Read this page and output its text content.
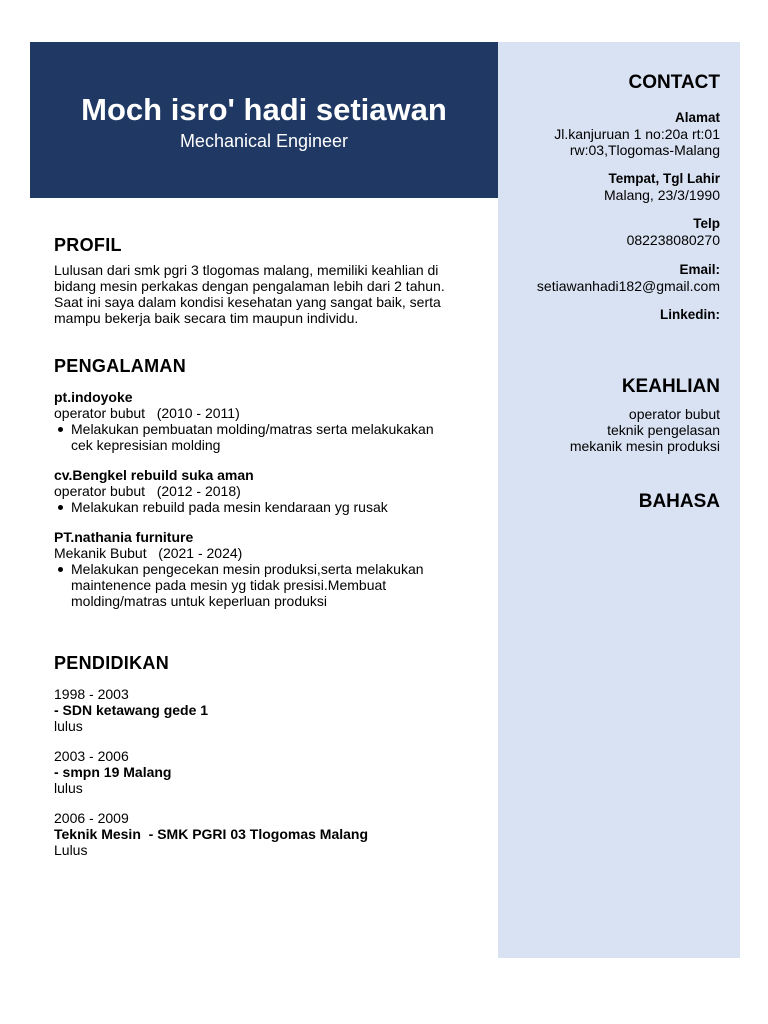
Moch isro' hadi setiawan
Mechanical Engineer
CONTACT
Alamat
Jl.kanjuruan 1 no:20a rt:01
rw:03,Tlogomas-Malang
Tempat, Tgl Lahir
Malang, 23/3/1990
Telp
082238080270
Email:
setiawanhadi182@gmail.com
Linkedin:
KEAHLIAN
operator bubut
teknik pengelasan
mekanik mesin produksi
BAHASA
PROFIL
Lulusan dari smk pgri 3 tlogomas malang, memiliki keahlian di
bidang mesin perkakas dengan pengalaman lebih dari 2 tahun.
Saat ini saya dalam kondisi kesehatan yang sangat baik, serta
mampu bekerja baik secara tim maupun individu.
PENGALAMAN
pt.indoyoke
operator bubut   (2010 - 2011)
Melakukan pembuatan molding/matras serta melakukakan
cek kepresisian molding
cv.Bengkel rebuild suka aman
operator bubut   (2012 - 2018)
Melakukan rebuild pada mesin kendaraan yg rusak
PT.nathania furniture
Mekanik Bubut   (2021 - 2024)
Melakukan pengecekan mesin produksi,serta melakukan
maintenence pada mesin yg tidak presisi.Membuat
molding/matras untuk keperluan produksi
PENDIDIKAN
1998 - 2003
- SDN ketawang gede 1
lulus
2003 - 2006
- smpn 19 Malang
lulus
2006 - 2009
Teknik Mesin  - SMK PGRI 03 Tlogomas Malang
Lulus
